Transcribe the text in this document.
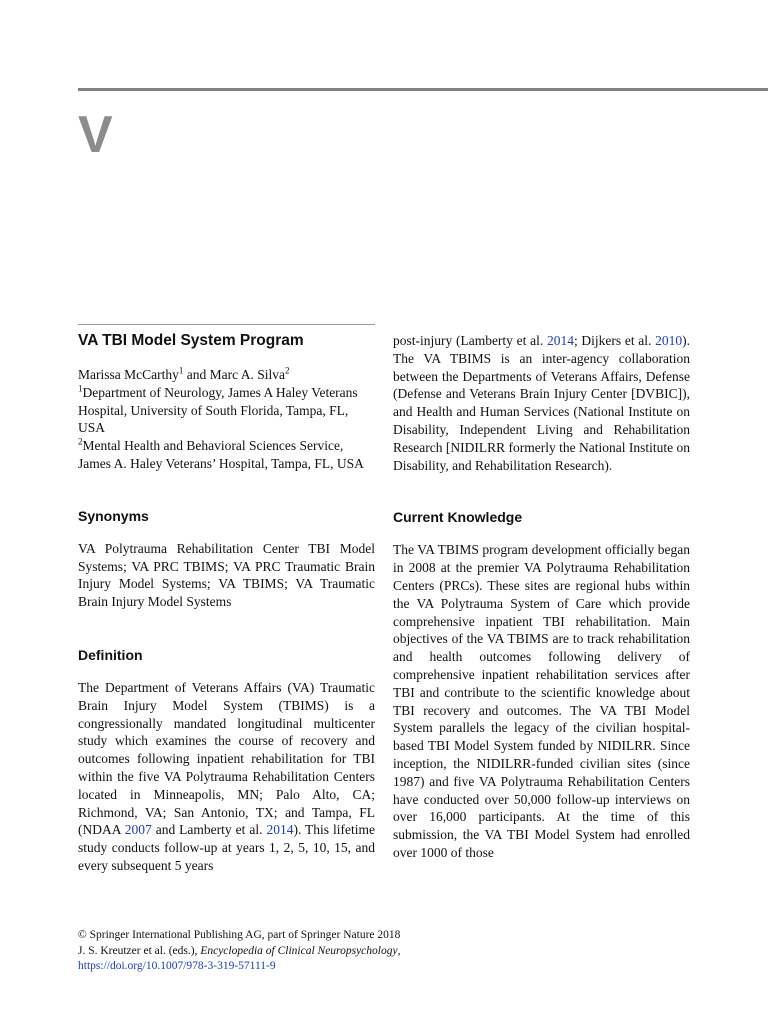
V
VA TBI Model System Program

Marissa McCarthy$^1$ and Marc A. Silva$^2$

$^1$Department of Neurology, James A Haley Veterans Hospital, University of South Florida, Tampa, FL, USA

$^2$Mental Health and Behavioral Sciences Service, James A. Haley Veterans’ Hospital, Tampa, FL, USA

Synonyms

VA Polytrauma Rehabilitation Center TBI Model Systems; VA PRC TBIMS; VA PRC Traumatic Brain Injury Model Systems; VA TBIMS; VA Traumatic Brain Injury Model Systems

Definition

The Department of Veterans Affairs (VA) Traumatic Brain Injury Model System (TBIMS) is a congressionally mandated longitudinal multicenter study which examines the course of recovery and outcomes following inpatient rehabilitation for TBI within the five VA Polytrauma Rehabilitation Centers located in Minneapolis, MN; Palo Alto, CA; Richmond, VA; San Antonio, TX; and Tampa, FL (NDAA 2007 and Lamberty et al. 2014). This lifetime study conducts follow-up at years 1, 2, 5, 10, 15, and every subsequent 5 years

post-injury (Lamberty et al. 2014; Dijkers et al. 2010). The VA TBIMS is an inter-agency collaboration between the Departments of Veterans Affairs, Defense (Defense and Veterans Brain Injury Center [DVBIC]), and Health and Human Services (National Institute on Disability, Independent Living and Rehabilitation Research [NIDILRR formerly the National Institute on Disability, and Rehabilitation Research).

Current Knowledge

The VA TBIMS program development officially began in 2008 at the premier VA Polytrauma Rehabilitation Centers (PRCs). These sites are regional hubs within the VA Polytrauma System of Care which provide comprehensive inpatient TBI rehabilitation. Main objectives of the VA TBIMS are to track rehabilitation and health outcomes following delivery of comprehensive inpatient rehabilitation services after TBI and contribute to the scientific knowledge about TBI recovery and outcomes. The VA TBI Model System parallels the legacy of the civilian hospital-based TBI Model System funded by NIDILRR. Since inception, the NIDILRR-funded civilian sites (since 1987) and five VA Polytrauma Rehabilitation Centers have conducted over 50,000 follow-up interviews on over 16,000 participants. At the time of this submission, the VA TBI Model System had enrolled over 1000 of those

© Springer International Publishing AG, part of Springer Nature 2018
J. S. Kreutzer et al. (eds.), Encyclopedia of Clinical Neuropsychology,
https://doi.org/10.1007/978-3-319-57111-9
